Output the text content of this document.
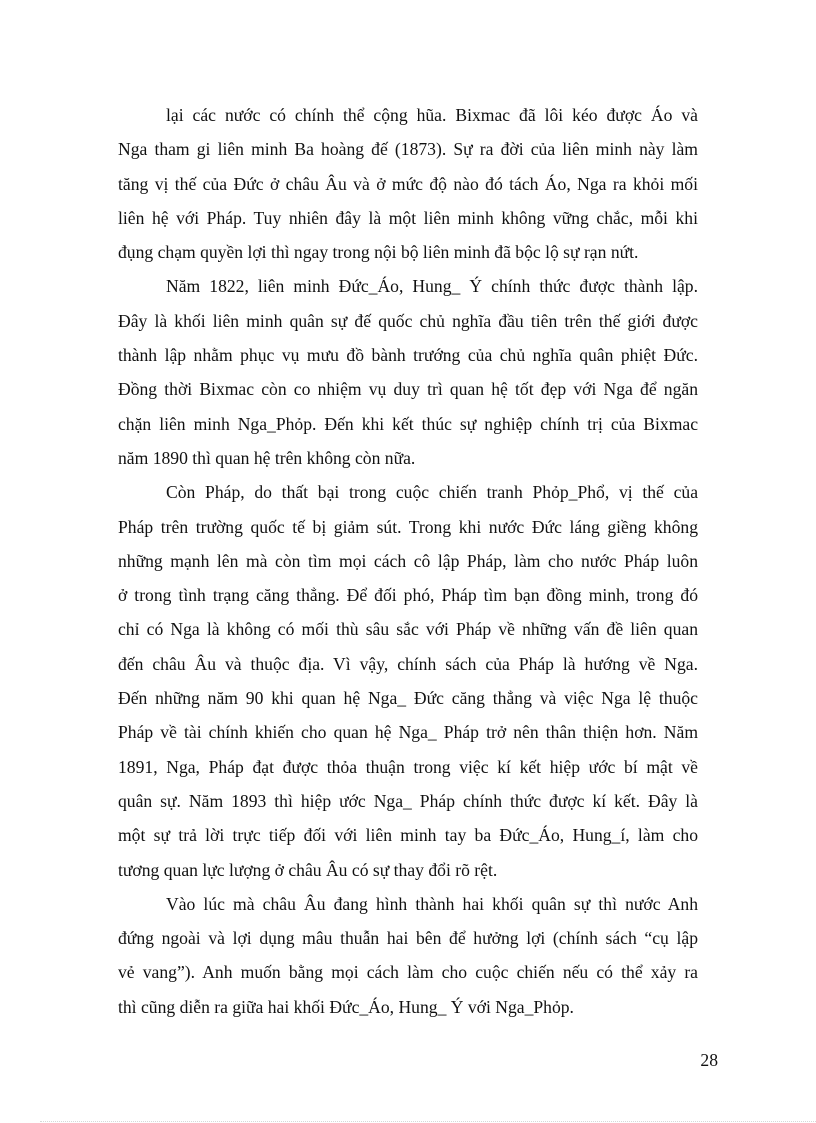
lại các nước có chính thể cộng hũa. Bixmac đã lôi kéo được Áo và
Nga tham gi liên minh Ba hoàng đế (1873). Sự ra đời của liên minh này làm
tăng vị thế của Đức ở châu Âu và ở mức độ nào đó tách Áo, Nga ra khỏi mối
liên hệ với Pháp. Tuy nhiên đây là một liên minh không vững chắc, mỗi khi
đụng chạm quyền lợi thì ngay trong nội bộ liên minh đã bộc lộ sự rạn nứt.
Năm 1822, liên minh Đức_Áo, Hung_ Ý chính thức được thành lập.
Đây là khối liên minh quân sự đế quốc chủ nghĩa đầu tiên trên thế giới được
thành lập nhằm phục vụ mưu đồ bành trướng của chủ nghĩa quân phiệt Đức.
Đồng thời Bixmac còn co nhiệm vụ duy trì quan hệ tốt đẹp với Nga để ngăn
chặn liên minh Nga_Phỏp. Đến khi kết thúc sự nghiệp chính trị của Bixmac
năm 1890 thì quan hệ trên không còn nữa.
Còn Pháp, do thất bại trong cuộc chiến tranh Phỏp_Phổ, vị thế của
Pháp trên trường quốc tế bị giảm sút. Trong khi nước Đức láng giềng không
những mạnh lên mà còn tìm mọi cách cô lập Pháp, làm cho nước Pháp luôn
ở trong tình trạng căng thẳng. Để đối phó, Pháp tìm bạn đồng minh, trong đó
chỉ có Nga là không có mối thù sâu sắc với Pháp về những vấn đề liên quan
đến châu Âu và thuộc địa. Vì vậy, chính sách của Pháp là hướng về Nga.
Đến những năm 90 khi quan hệ Nga_ Đức căng thẳng và việc Nga lệ thuộc
Pháp về tài chính khiến cho quan hệ Nga_ Pháp trở nên thân thiện hơn. Năm
1891, Nga, Pháp đạt được thỏa thuận trong việc kí kết hiệp ước bí mật về
quân sự. Năm 1893 thì hiệp ước Nga_ Pháp chính thức được kí kết. Đây là
một sự trả lời trực tiếp đối với liên minh tay ba Đức_Áo, Hung_í, làm cho
tương quan lực lượng ở châu Âu có sự thay đổi rõ rệt.
Vào lúc mà châu Âu đang hình thành hai khối quân sự thì nước Anh
đứng ngoài và lợi dụng mâu thuẫn hai bên để hưởng lợi (chính sách “cụ lập
vẻ vang”). Anh muốn bằng mọi cách làm cho cuộc chiến nếu có thể xảy ra
thì cũng diễn ra giữa hai khối Đức_Áo, Hung_ Ý với Nga_Phỏp.
28
